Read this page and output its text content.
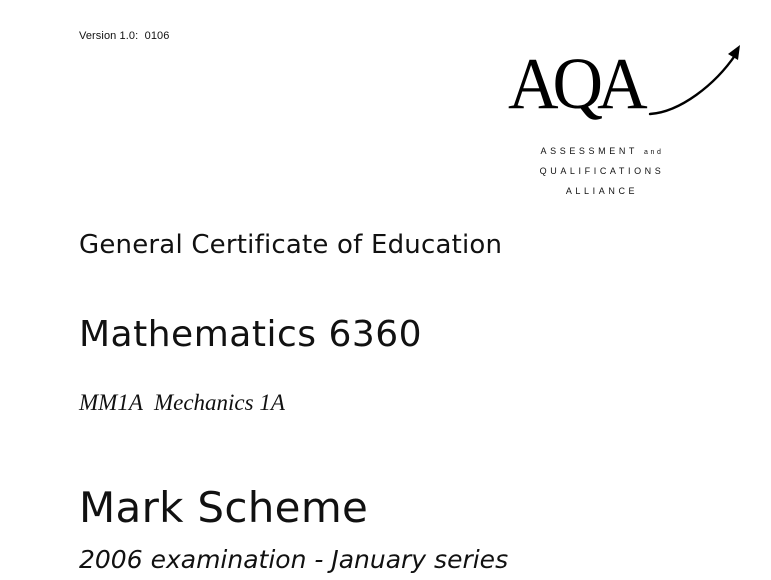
Version 1.0:  0106
AQA
ASSESSMENT and
QUALIFICATIONS
ALLIANCE
General Certificate of Education
Mathematics 6360
MM1A  Mechanics 1A
Mark Scheme
2006 examination - January series
